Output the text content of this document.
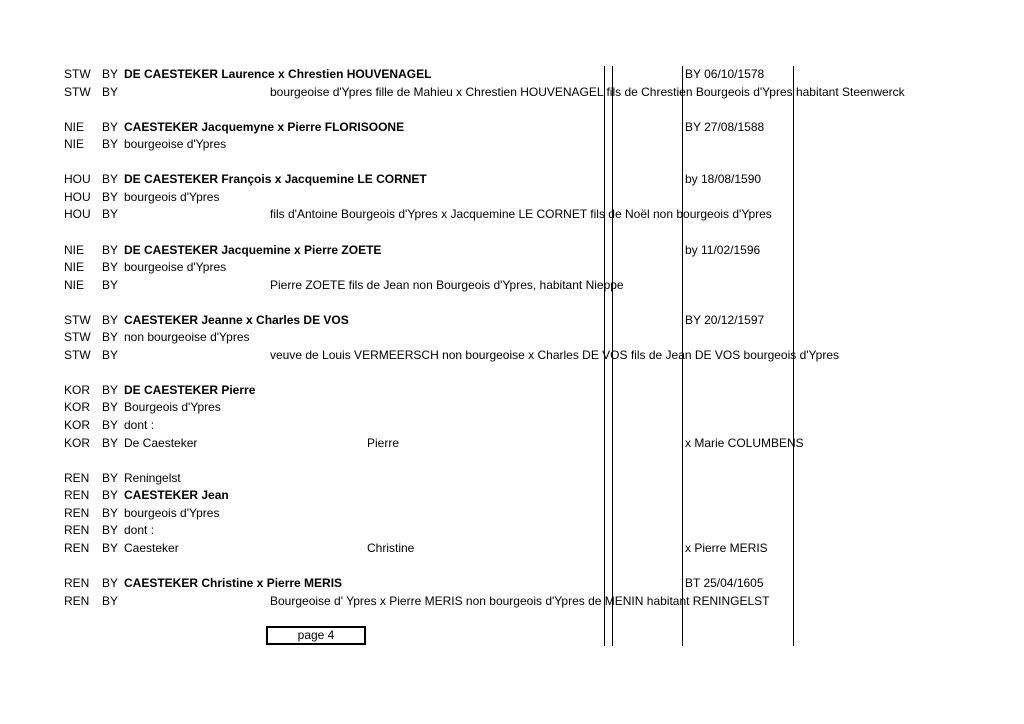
STW BY DE CAESTEKER Laurence x Chrestien HOUVENAGEL	BY 06/10/1578
STW BY	bourgeoise d'Ypres fille de Mahieu x Chrestien HOUVENAGEL fils de Chrestien Bourgeois d'Ypres habitant Steenwerck
NIE BY CAESTEKER Jacquemyne x Pierre FLORISOONE	BY 27/08/1588
NIE BY bourgeoise d'Ypres
HOU BY DE CAESTEKER François x Jacquemine LE CORNET	by 18/08/1590
HOU BY bourgeois d'Ypres
HOU BY	fils d'Antoine Bourgeois d'Ypres x Jacquemine LE CORNET fils de Noël non bourgeois d'Ypres
NIE BY DE CAESTEKER Jacquemine x Pierre ZOETE	by 11/02/1596
NIE BY bourgeoise d'Ypres
NIE BY	Pierre ZOETE fils de Jean non Bourgeois d'Ypres, habitant Nieppe
STW BY CAESTEKER Jeanne x Charles DE VOS	BY 20/12/1597
STW BY non bourgeoise d'Ypres
STW BY	veuve de Louis VERMEERSCH non bourgeoise x Charles DE VOS fils de Jean DE VOS bourgeois d'Ypres
KOR BY DE CAESTEKER Pierre
KOR BY Bourgeois d'Ypres
KOR BY dont :
KOR BY De Caesteker	Pierre	x Marie COLUMBENS
REN BY Reningelst
REN BY CAESTEKER Jean
REN BY bourgeois d'Ypres
REN BY dont :
REN BY Caesteker	Christine	x Pierre MERIS
REN BY CAESTEKER Christine x Pierre MERIS	BT 25/04/1605
REN BY	Bourgeoise d' Ypres x Pierre MERIS non bourgeois d'Ypres de MENIN habitant RENINGELST
page 4
